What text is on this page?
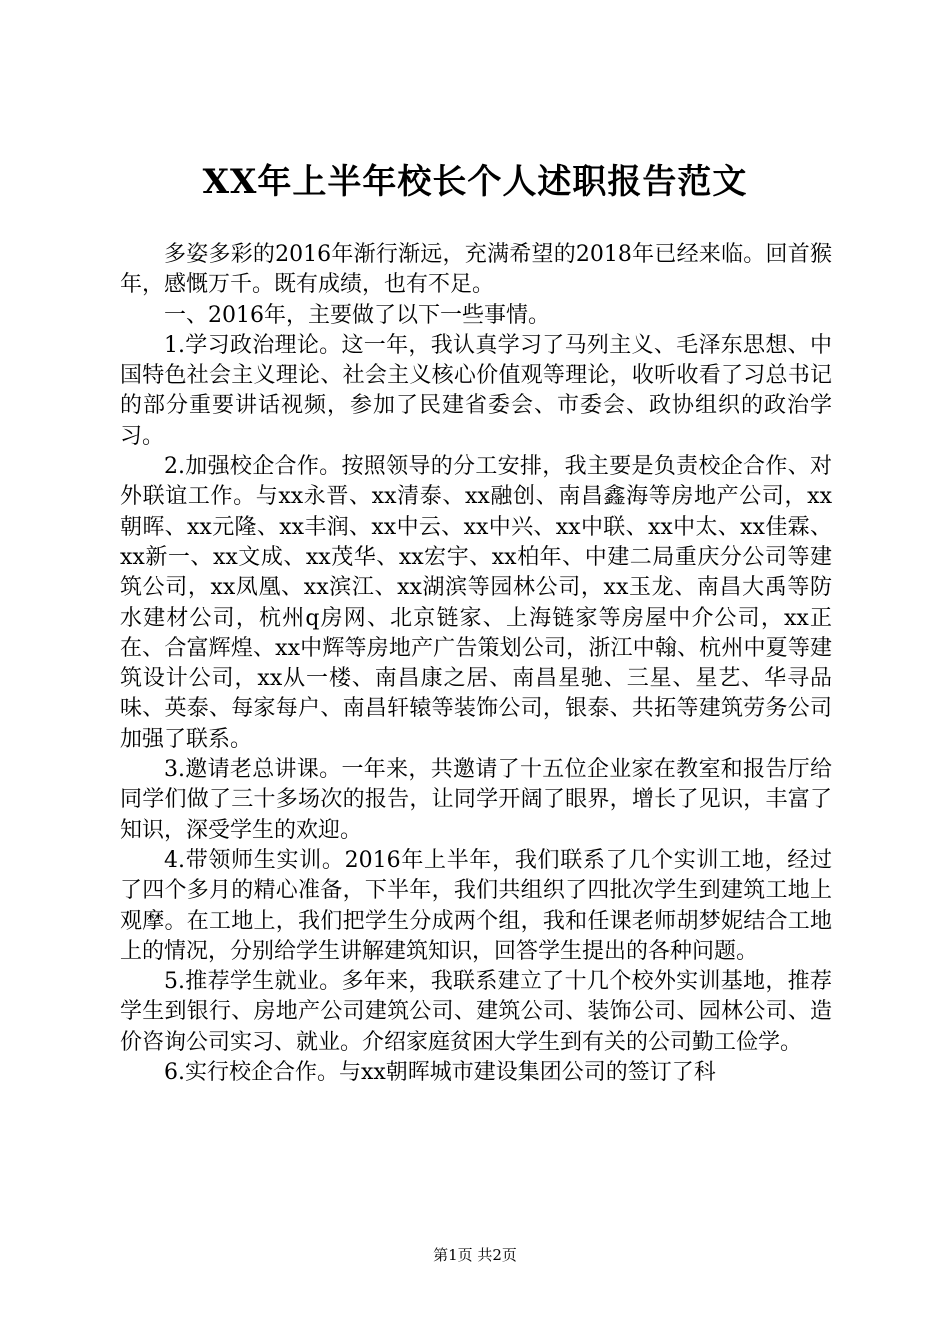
XX年上半年校长个人述职报告范文

多姿多彩的2016年渐行渐远，充满希望的2018年已经来临。回首猴年，感慨万千。既有成绩，也有不足。

一、2016年，主要做了以下一些事情。

1.学习政治理论。这一年，我认真学习了马列主义、毛泽东思想、中国特色社会主义理论、社会主义核心价值观等理论，收听收看了习总书记的部分重要讲话视频，参加了民建省委会、市委会、政协组织的政治学习。

2.加强校企合作。按照领导的分工安排，我主要是负责校企合作、对外联谊工作。与xx永晋、xx清泰、xx融创、南昌鑫海等房地产公司，xx朝晖、xx元隆、xx丰润、xx中云、xx中兴、xx中联、xx中太、xx佳霖、xx新一、xx文成、xx茂华、xx宏宇、xx柏年、中建二局重庆分公司等建筑公司，xx凤凰、xx滨江、xx湖滨等园林公司，xx玉龙、南昌大禹等防水建材公司，杭州q房网、北京链家、上海链家等房屋中介公司，xx正在、合富辉煌、xx中辉等房地产广告策划公司，浙江中翰、杭州中夏等建筑设计公司，xx从一楼、南昌康之居、南昌星驰、三星、星艺、华寻品味、英泰、每家每户、南昌轩辕等装饰公司，银泰、共拓等建筑劳务公司加强了联系。

3.邀请老总讲课。一年来，共邀请了十五位企业家在教室和报告厅给同学们做了三十多场次的报告，让同学开阔了眼界，增长了见识，丰富了知识，深受学生的欢迎。

4.带领师生实训。2016年上半年，我们联系了几个实训工地，经过了四个多月的精心准备，下半年，我们共组织了四批次学生到建筑工地上观摩。在工地上，我们把学生分成两个组，我和任课老师胡梦妮结合工地上的情况，分别给学生讲解建筑知识，回答学生提出的各种问题。

5.推荐学生就业。多年来，我联系建立了十几个校外实训基地，推荐学生到银行、房地产公司建筑公司、建筑公司、装饰公司、园林公司、造价咨询公司实习、就业。介绍家庭贫困大学生到有关的公司勤工俭学。

6.实行校企合作。与xx朝晖城市建设集团公司的签订了科

第1页 共2页
